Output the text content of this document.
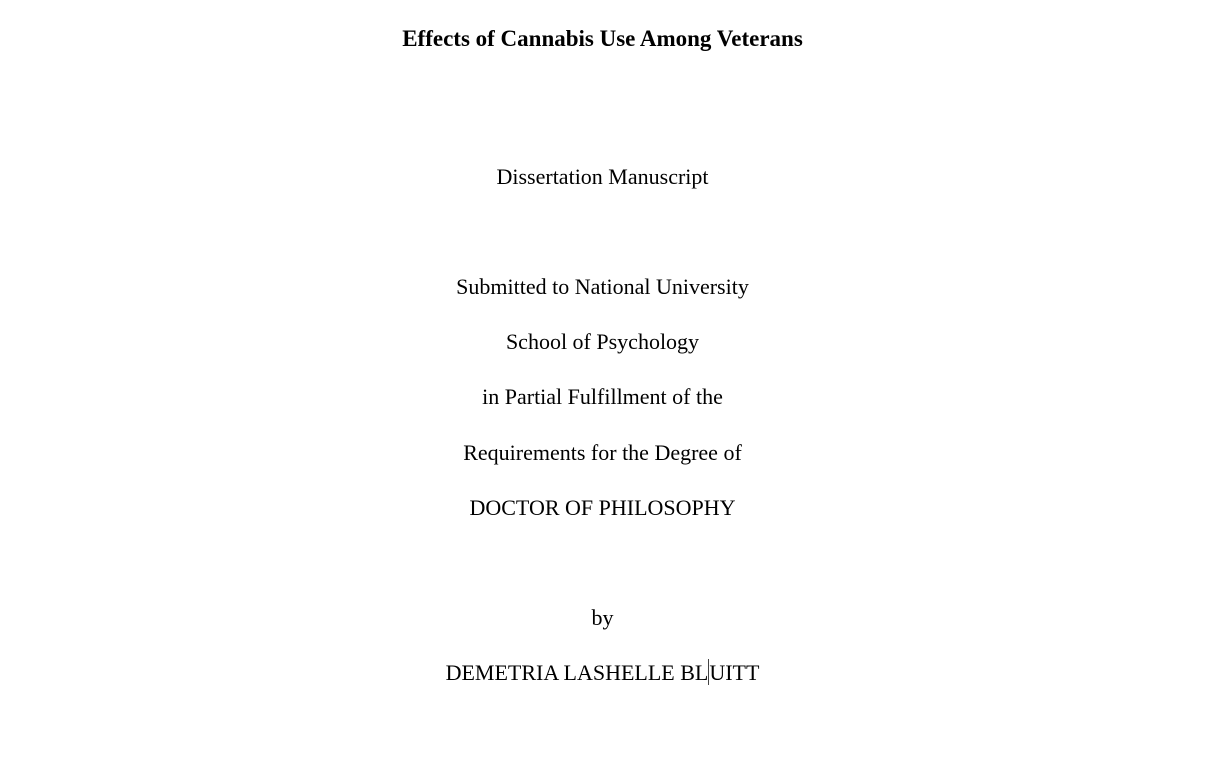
Effects of Cannabis Use Among Veterans
Dissertation Manuscript
Submitted to National University
School of Psychology
in Partial Fulfillment of the
Requirements for the Degree of
DOCTOR OF PHILOSOPHY
by
DEMETRIA LASHELLE BLUITT
